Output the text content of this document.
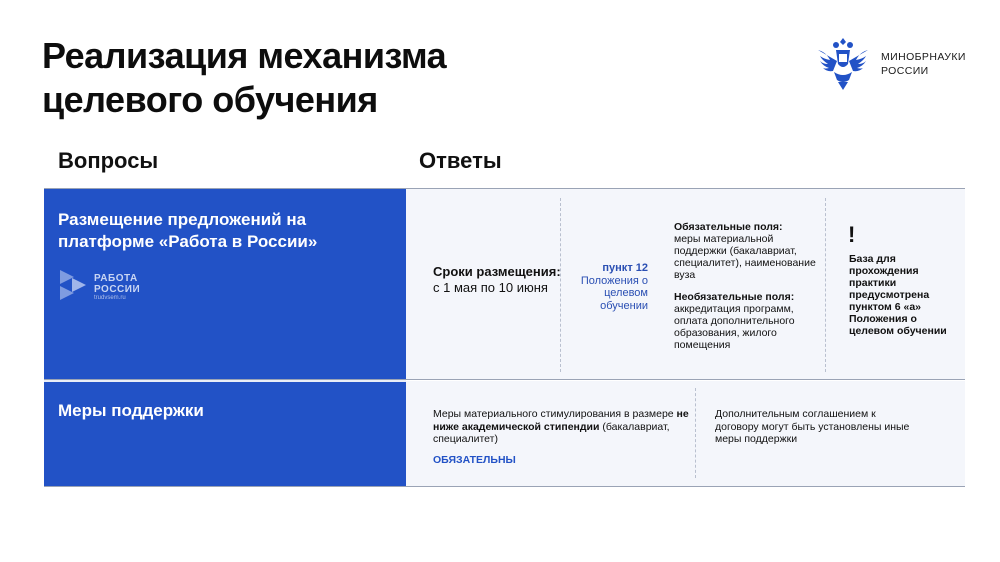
Реализация механизма
целевого обучения
МИНОБРНАУКИ
РОССИИ
Вопросы	Ответы
Размещение предложений на платформе «Работа в России»
РАБОТА
РОССИИ
trudvsem.ru
Сроки размещения:
с 1 мая по 10 июня
пункт 12
Положения о целевом обучении
Обязательные поля:
меры материальной поддержки (бакалавриат, специалитет), наименование вуза
Необязательные поля:
аккредитация программ, оплата дополнительного образования, жилого помещения
!
База для прохождения практики предусмотрена пунктом 6 «а» Положения о целевом обучении
Меры поддержки	Меры материального стимулирования в размере не ниже академической стипендии (бакалавриат, специалитет)
ОБЯЗАТЕЛЬНЫ
Дополнительным соглашением к договору могут быть установлены иные меры поддержки
